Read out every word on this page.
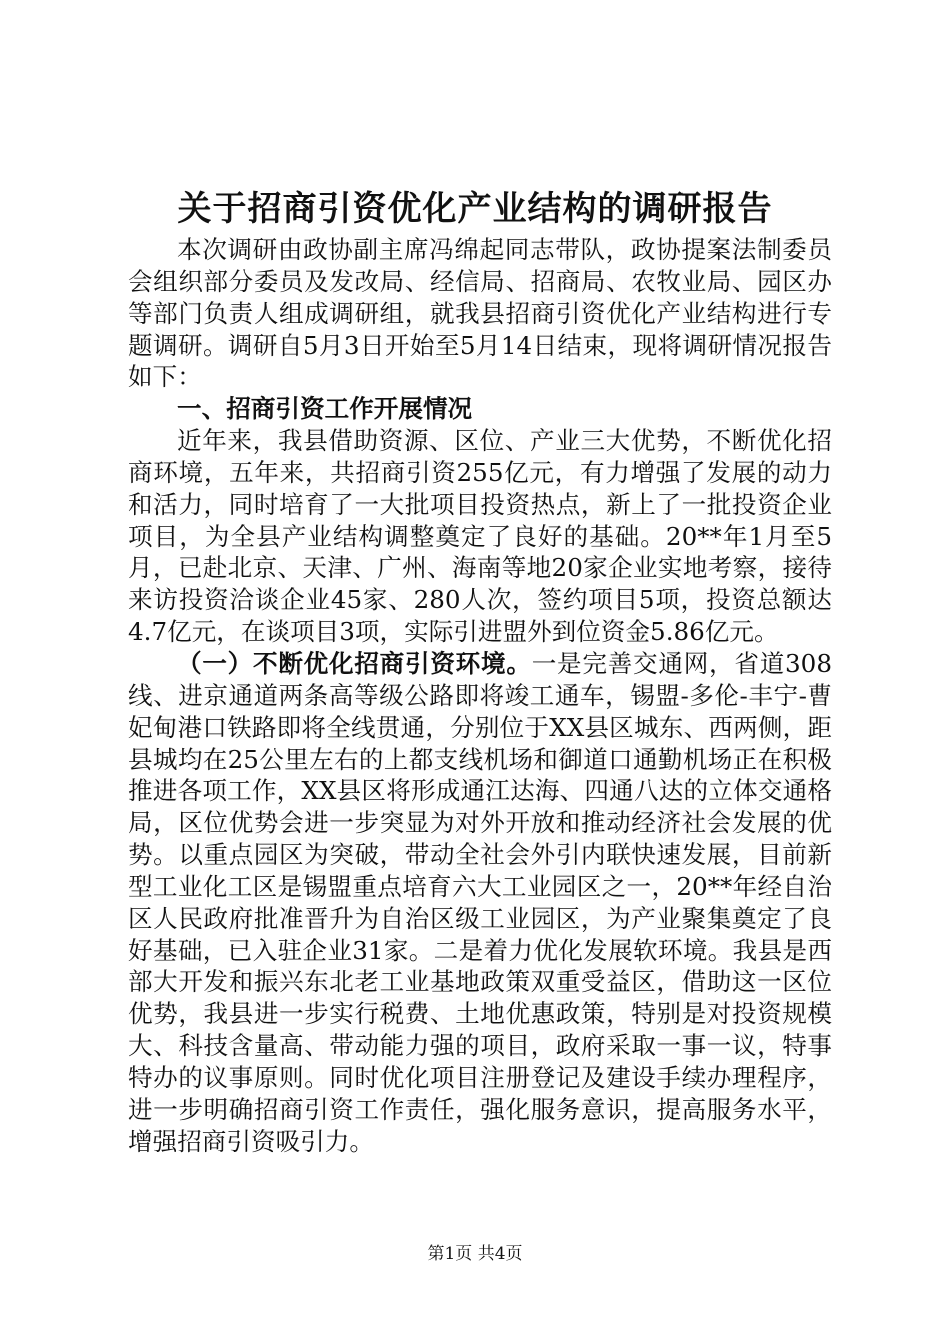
关于招商引资优化产业结构的调研报告

本次调研由政协副主席冯绵起同志带队，政协提案法制委员会组织部分委员及发改局、经信局、招商局、农牧业局、园区办等部门负责人组成调研组，就我县招商引资优化产业结构进行专题调研。调研自5月3日开始至5月14日结束，现将调研情况报告如下：

一、招商引资工作开展情况

近年来，我县借助资源、区位、产业三大优势，不断优化招商环境，五年来，共招商引资255亿元，有力增强了发展的动力和活力，同时培育了一大批项目投资热点，新上了一批投资企业项目，为全县产业结构调整奠定了良好的基础。20**年1月至5月，已赴北京、天津、广州、海南等地20家企业实地考察，接待来访投资洽谈企业45家、280人次，签约项目5项，投资总额达4.7亿元，在谈项目3项，实际引进盟外到位资金5.86亿元。

（一）不断优化招商引资环境。一是完善交通网，省道308线、进京通道两条高等级公路即将竣工通车，锡盟-多伦-丰宁-曹妃甸港口铁路即将全线贯通，分别位于XX县区城东、西两侧，距县城均在25公里左右的上都支线机场和御道口通勤机场正在积极推进各项工作，XX县区将形成通江达海、四通八达的立体交通格局，区位优势会进一步突显为对外开放和推动经济社会发展的优势。以重点园区为突破，带动全社会外引内联快速发展，目前新型工业化工区是锡盟重点培育六大工业园区之一，20**年经自治区人民政府批准晋升为自治区级工业园区，为产业聚集奠定了良好基础，已入驻企业31家。二是着力优化发展软环境。我县是西部大开发和振兴东北老工业基地政策双重受益区，借助这一区位优势，我县进一步实行税费、土地优惠政策，特别是对投资规模大、科技含量高、带动能力强的项目，政府采取一事一议，特事特办的议事原则。同时优化项目注册登记及建设手续办理程序，进一步明确招商引资工作责任，强化服务意识，提高服务水平，增强招商引资吸引力。

第1页 共4页
